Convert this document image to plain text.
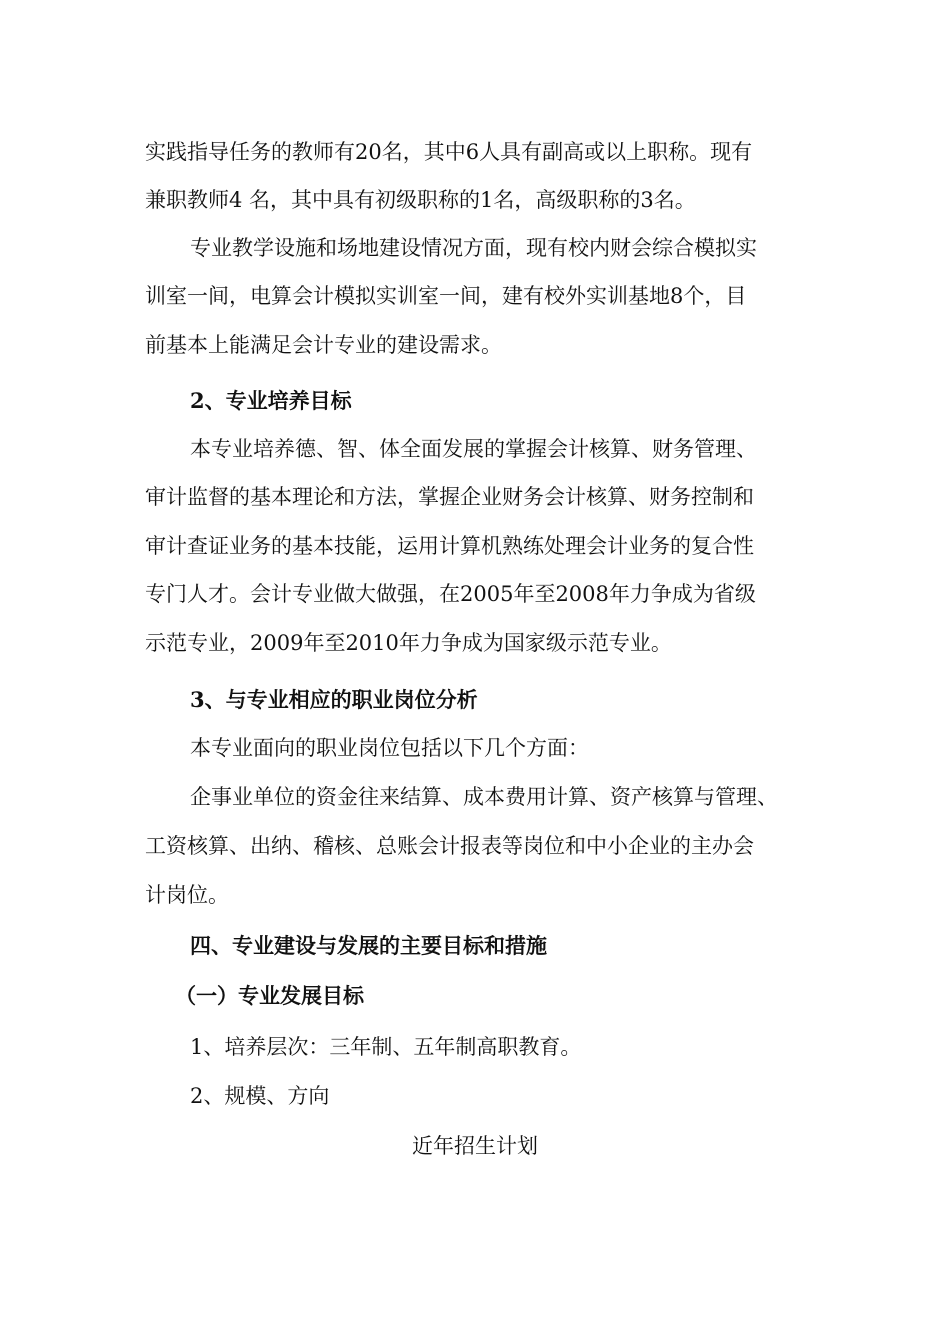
实践指导任务的教师有20名，其中6人具有副高或以上职称。现有
兼职教师4 名，其中具有初级职称的1名，高级职称的3名。
专业教学设施和场地建设情况方面，现有校内财会综合模拟实
训室一间，电算会计模拟实训室一间，建有校外实训基地8个，目
前基本上能满足会计专业的建设需求。
2、专业培养目标
本专业培养德、智、体全面发展的掌握会计核算、财务管理、
审计监督的基本理论和方法，掌握企业财务会计核算、财务控制和
审计查证业务的基本技能，运用计算机熟练处理会计业务的复合性
专门人才。会计专业做大做强，在2005年至2008年力争成为省级
示范专业，2009年至2010年力争成为国家级示范专业。
3、与专业相应的职业岗位分析
本专业面向的职业岗位包括以下几个方面：
企事业单位的资金往来结算、成本费用计算、资产核算与管理、
工资核算、出纳、稽核、总账会计报表等岗位和中小企业的主办会
计岗位。
四、专业建设与发展的主要目标和措施
（一）专业发展目标
1、培养层次：三年制、五年制高职教育。
2、规模、方向
近年招生计划
